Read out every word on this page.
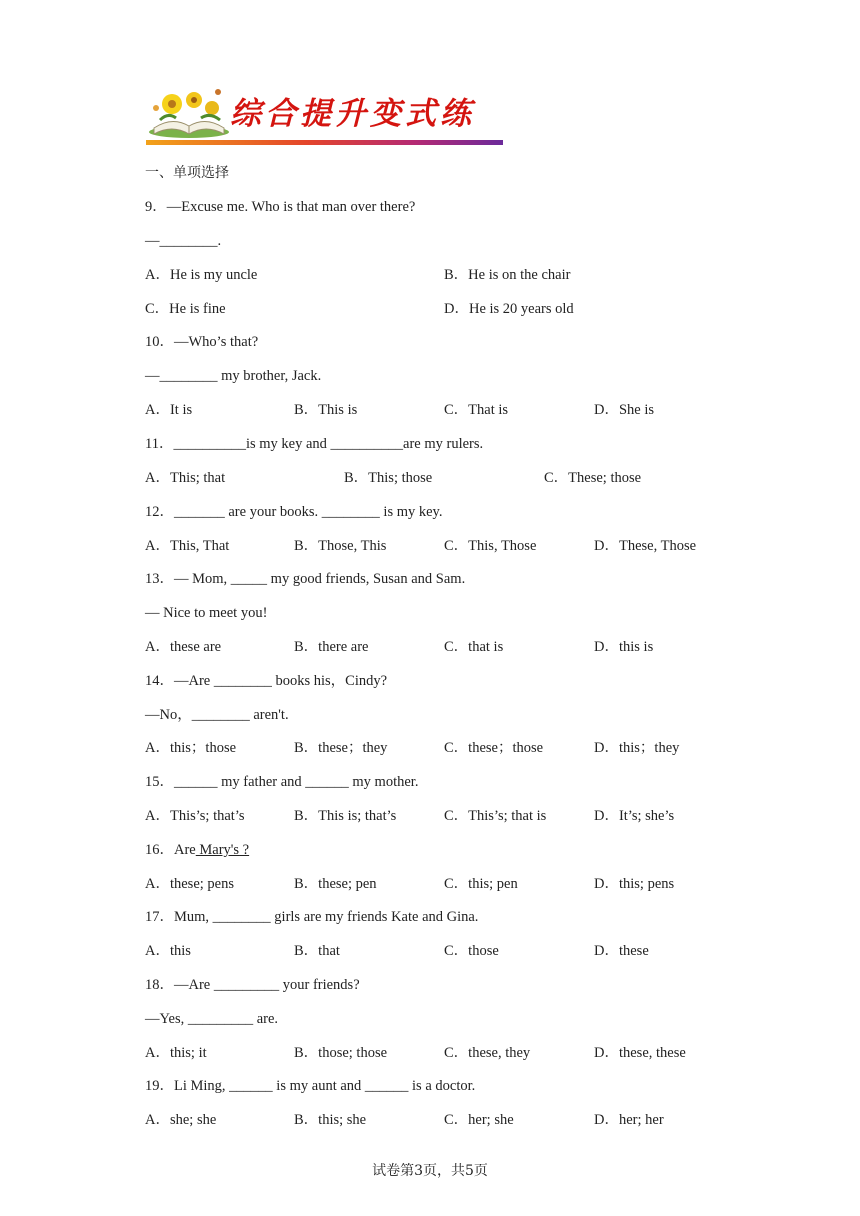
综合提升变式练
一、单项选择
9．—Excuse me. Who is that man over there?
—________.
A．He is my uncle	B．He is on the chair
C．He is fine	D．He is 20 years old
10．—Who’s that?
—________ my brother, Jack.
A．It is	B．This is	C．That is	D．She is
11．__________is my key and __________are my rulers.
A．This; that	B．This; those	C．These; those
12．_______ are your books. ________ is my key.
A．This, That	B．Those, This	C．This, Those	D．These, Those
13．— Mom, _____ my good friends, Susan and Sam.
— Nice to meet you!
A．these are	B．there are	C．that is	D．this is
14．—Are ________ books his，Cindy?
—No，________ aren't.
A．this；those	B．these；they	C．these；those	D．this；they
15．______ my father and ______ my mother.
A．This’s; that’s	B．This is; that’s	C．This’s; that is	D．It’s; she’s
16．Are Mary's ?
A．these; pens	B．these; pen	C．this; pen	D．this; pens
17．Mum, ________ girls are my friends Kate and Gina.
A．this	B．that	C．those	D．these
18．—Are _________ your friends?
—Yes, _________ are.
A．this; it	B．those; those	C．these, they	D．these, these
19．Li Ming, ______ is my aunt and ______ is a doctor.
A．she; she	B．this; she	C．her; she	D．her; her
试卷第3页，共5页
